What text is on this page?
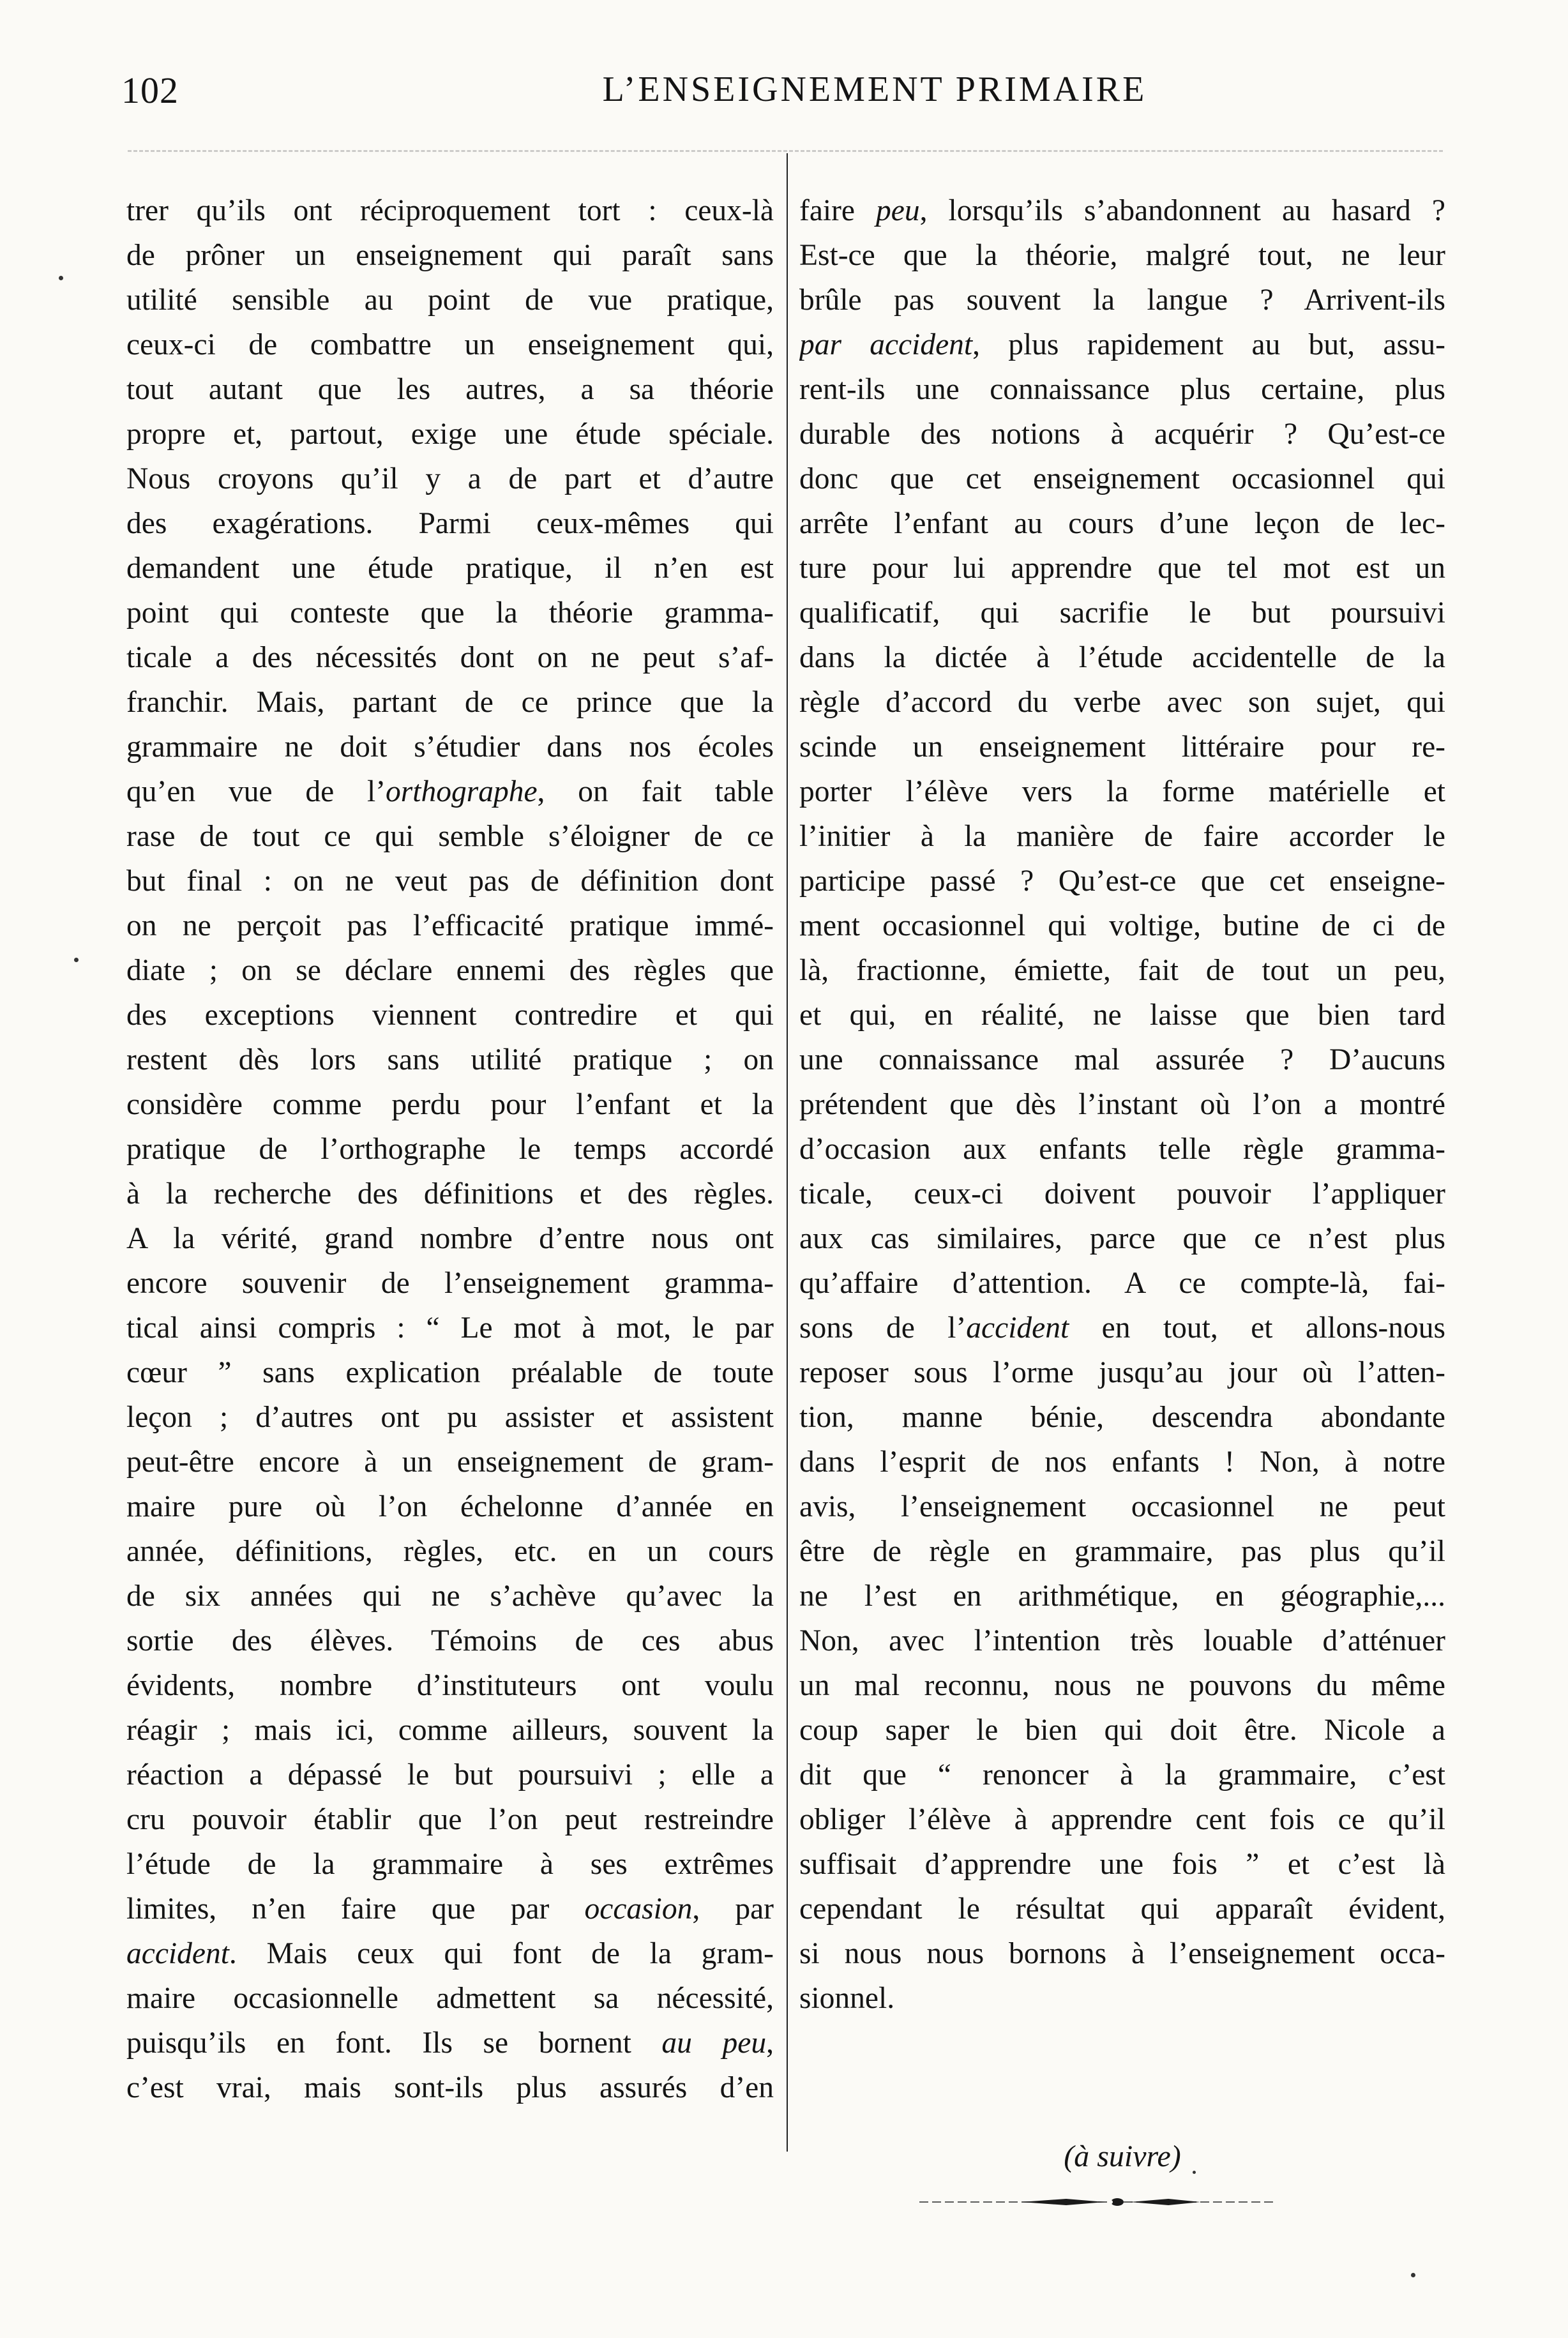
102	L’ENSEIGNEMENT PRIMAIRE
trer qu’ils ont réciproquement tort : ceux-là
de prôner un enseignement qui paraît sans
utilité sensible au point de vue pratique,
ceux-ci de combattre un enseignement qui,
tout autant que les autres, a sa théorie
propre et, partout, exige une étude spéciale.
Nous croyons qu’il y a de part et d’autre
des exagérations. Parmi ceux-mêmes qui
demandent une étude pratique, il n’en est
point qui conteste que la théorie gramma-
ticale a des nécessités dont on ne peut s’af-
franchir. Mais, partant de ce prince que la
grammaire ne doit s’étudier dans nos écoles
qu’en vue de l’orthographe, on fait table
rase de tout ce qui semble s’éloigner de ce
but final : on ne veut pas de définition dont
on ne perçoit pas l’efficacité pratique immé-
diate ; on se déclare ennemi des règles que
des exceptions viennent contredire et qui
restent dès lors sans utilité pratique ; on
considère comme perdu pour l’enfant et la
pratique de l’orthographe le temps accordé
à la recherche des définitions et des règles.
A la vérité, grand nombre d’entre nous ont
encore souvenir de l’enseignement gramma-
tical ainsi compris : “ Le mot à mot, le par
cœur ” sans explication préalable de toute
leçon ; d’autres ont pu assister et assistent
peut-être encore à un enseignement de gram-
maire pure où l’on échelonne d’année en
année, définitions, règles, etc. en un cours
de six années qui ne s’achève qu’avec la
sortie des élèves. Témoins de ces abus
évidents, nombre d’instituteurs ont voulu
réagir ; mais ici, comme ailleurs, souvent la
réaction a dépassé le but poursuivi ; elle a
cru pouvoir établir que l’on peut restreindre
l’étude de la grammaire à ses extrêmes
limites, n’en faire que par occasion, par
accident. Mais ceux qui font de la gram-
maire occasionnelle admettent sa nécessité,
puisqu’ils en font. Ils se bornent au peu,
c’est vrai, mais sont-ils plus assurés d’en
faire peu, lorsqu’ils s’abandonnent au hasard ?
Est-ce que la théorie, malgré tout, ne leur
brûle pas souvent la langue ? Arrivent-ils
par accident, plus rapidement au but, assu-
rent-ils une connaissance plus certaine, plus
durable des notions à acquérir ? Qu’est-ce
donc que cet enseignement occasionnel qui
arrête l’enfant au cours d’une leçon de lec-
ture pour lui apprendre que tel mot est un
qualificatif, qui sacrifie le but poursuivi
dans la dictée à l’étude accidentelle de la
règle d’accord du verbe avec son sujet, qui
scinde un enseignement littéraire pour re-
porter l’élève vers la forme matérielle et
l’initier à la manière de faire accorder le
participe passé ? Qu’est-ce que cet enseigne-
ment occasionnel qui voltige, butine de ci de
là, fractionne, émiette, fait de tout un peu,
et qui, en réalité, ne laisse que bien tard
une connaissance mal assurée ? D’aucuns
prétendent que dès l’instant où l’on a montré
d’occasion aux enfants telle règle gramma-
ticale, ceux-ci doivent pouvoir l’appliquer
aux cas similaires, parce que ce n’est plus
qu’affaire d’attention. A ce compte-là, fai-
sons de l’accident en tout, et allons-nous
reposer sous l’orme jusqu’au jour où l’atten-
tion, manne bénie, descendra abondante
dans l’esprit de nos enfants ! Non, à notre
avis, l’enseignement occasionnel ne peut
être de règle en grammaire, pas plus qu’il
ne l’est en arithmétique, en géographie,...
Non, avec l’intention très louable d’atténuer
un mal reconnu, nous ne pouvons du même
coup saper le bien qui doit être. Nicole a
dit que “ renoncer à la grammaire, c’est
obliger l’élève à apprendre cent fois ce qu’il
suffisait d’apprendre une fois ” et c’est là
cependant le résultat qui apparaît évident,
si nous nous bornons à l’enseignement occa-
sionnel.
(à suivre)
